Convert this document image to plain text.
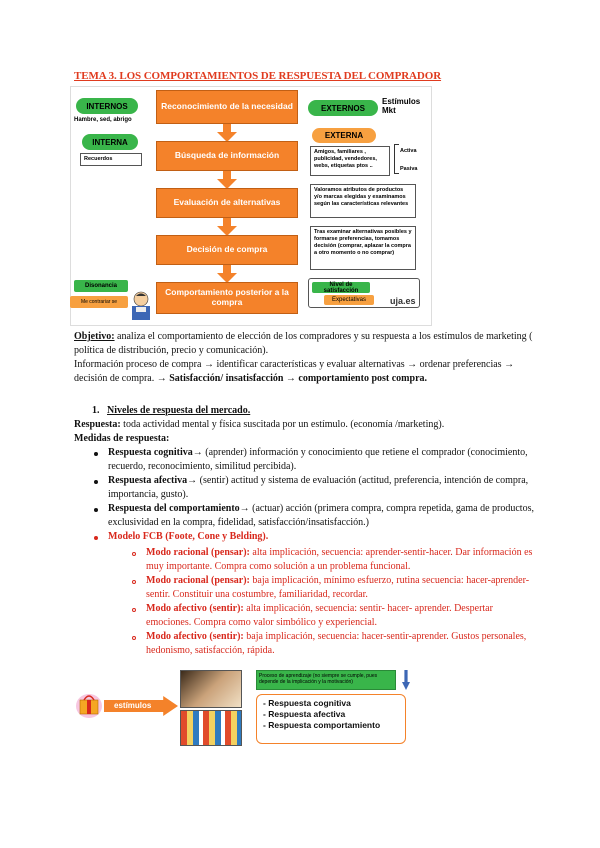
TEMA 3. LOS COMPORTAMIENTOS DE RESPUESTA DEL COMPRADOR
INTERNOS
Hambre, sed, abrigo
INTERNA
Recuerdos
Reconocimiento de la necesidad
Búsqueda de información
Evaluación de alternativas
Decisión de compra
Comportamiento posterior a la compra
EXTERNOS
Estímulos Mkt
EXTERNA
Amigos, familiares , publicidad, vendedores, webs, etiquetas ptos ..
Activa
Pasiva
Valoramos atributos de productos y/o marcas elegidas y examinamos según las características relevantes
Tras examinar alternativas posibles y formarse preferencias, tomamos decisión (comprar, aplazar la compra a otro momento o no comprar)
Nivel de satisfacción
Expectativas	uja.es
Disonancia
Me contrariar se
Objetivo: analiza el comportamiento de elección de los compradores y su respuesta a los estímulos de marketing ( política de distribución, precio y comunicación).
Información proceso de compra → identificar características y evaluar alternativas → ordenar preferencias → decisión de compra. → Satisfacción/ insatisfacción → comportamiento post compra.
1. Niveles de respuesta del mercado.
Respuesta: toda actividad mental y física suscitada por un estímulo. (economía /marketing).
Medidas de respuesta:
Respuesta cognitiva→ (aprender) información y conocimiento que retiene el comprador (conocimiento, recuerdo, reconocimiento, similitud percibida).
Respuesta afectiva→ (sentir) actitud y sistema de evaluación (actitud, preferencia, intención de compra, importancia, gusto).
Respuesta del comportamiento→ (actuar) acción (primera compra, compra repetida, gama de productos, exclusividad en la compra, fidelidad, satisfacción/insatisfacción.)
Modelo FCB (Foote, Cone y Belding).
Modo racional (pensar): alta implicación, secuencia: aprender-sentir-hacer. Dar información es muy importante. Compra como solución a un problema funcional.
Modo racional (pensar): baja implicación, mínimo esfuerzo, rutina secuencia: hacer-aprender- sentir. Constituir una costumbre, familiaridad, recordar.
Modo afectivo (sentir): alta implicación, secuencia: sentir- hacer- aprender. Despertar emociones. Compra como valor simbólico y experiencial.
Modo afectivo (sentir): baja implicación, secuencia: hacer-sentir-aprender. Gustos personales, hedonismo, satisfacción, rápida.
estímulos
Proceso de aprendizaje (no siempre se cumple, pues depende de la implicación y la motivación)
- Respuesta cognitiva
- Respuesta afectiva
- Respuesta comportamiento
